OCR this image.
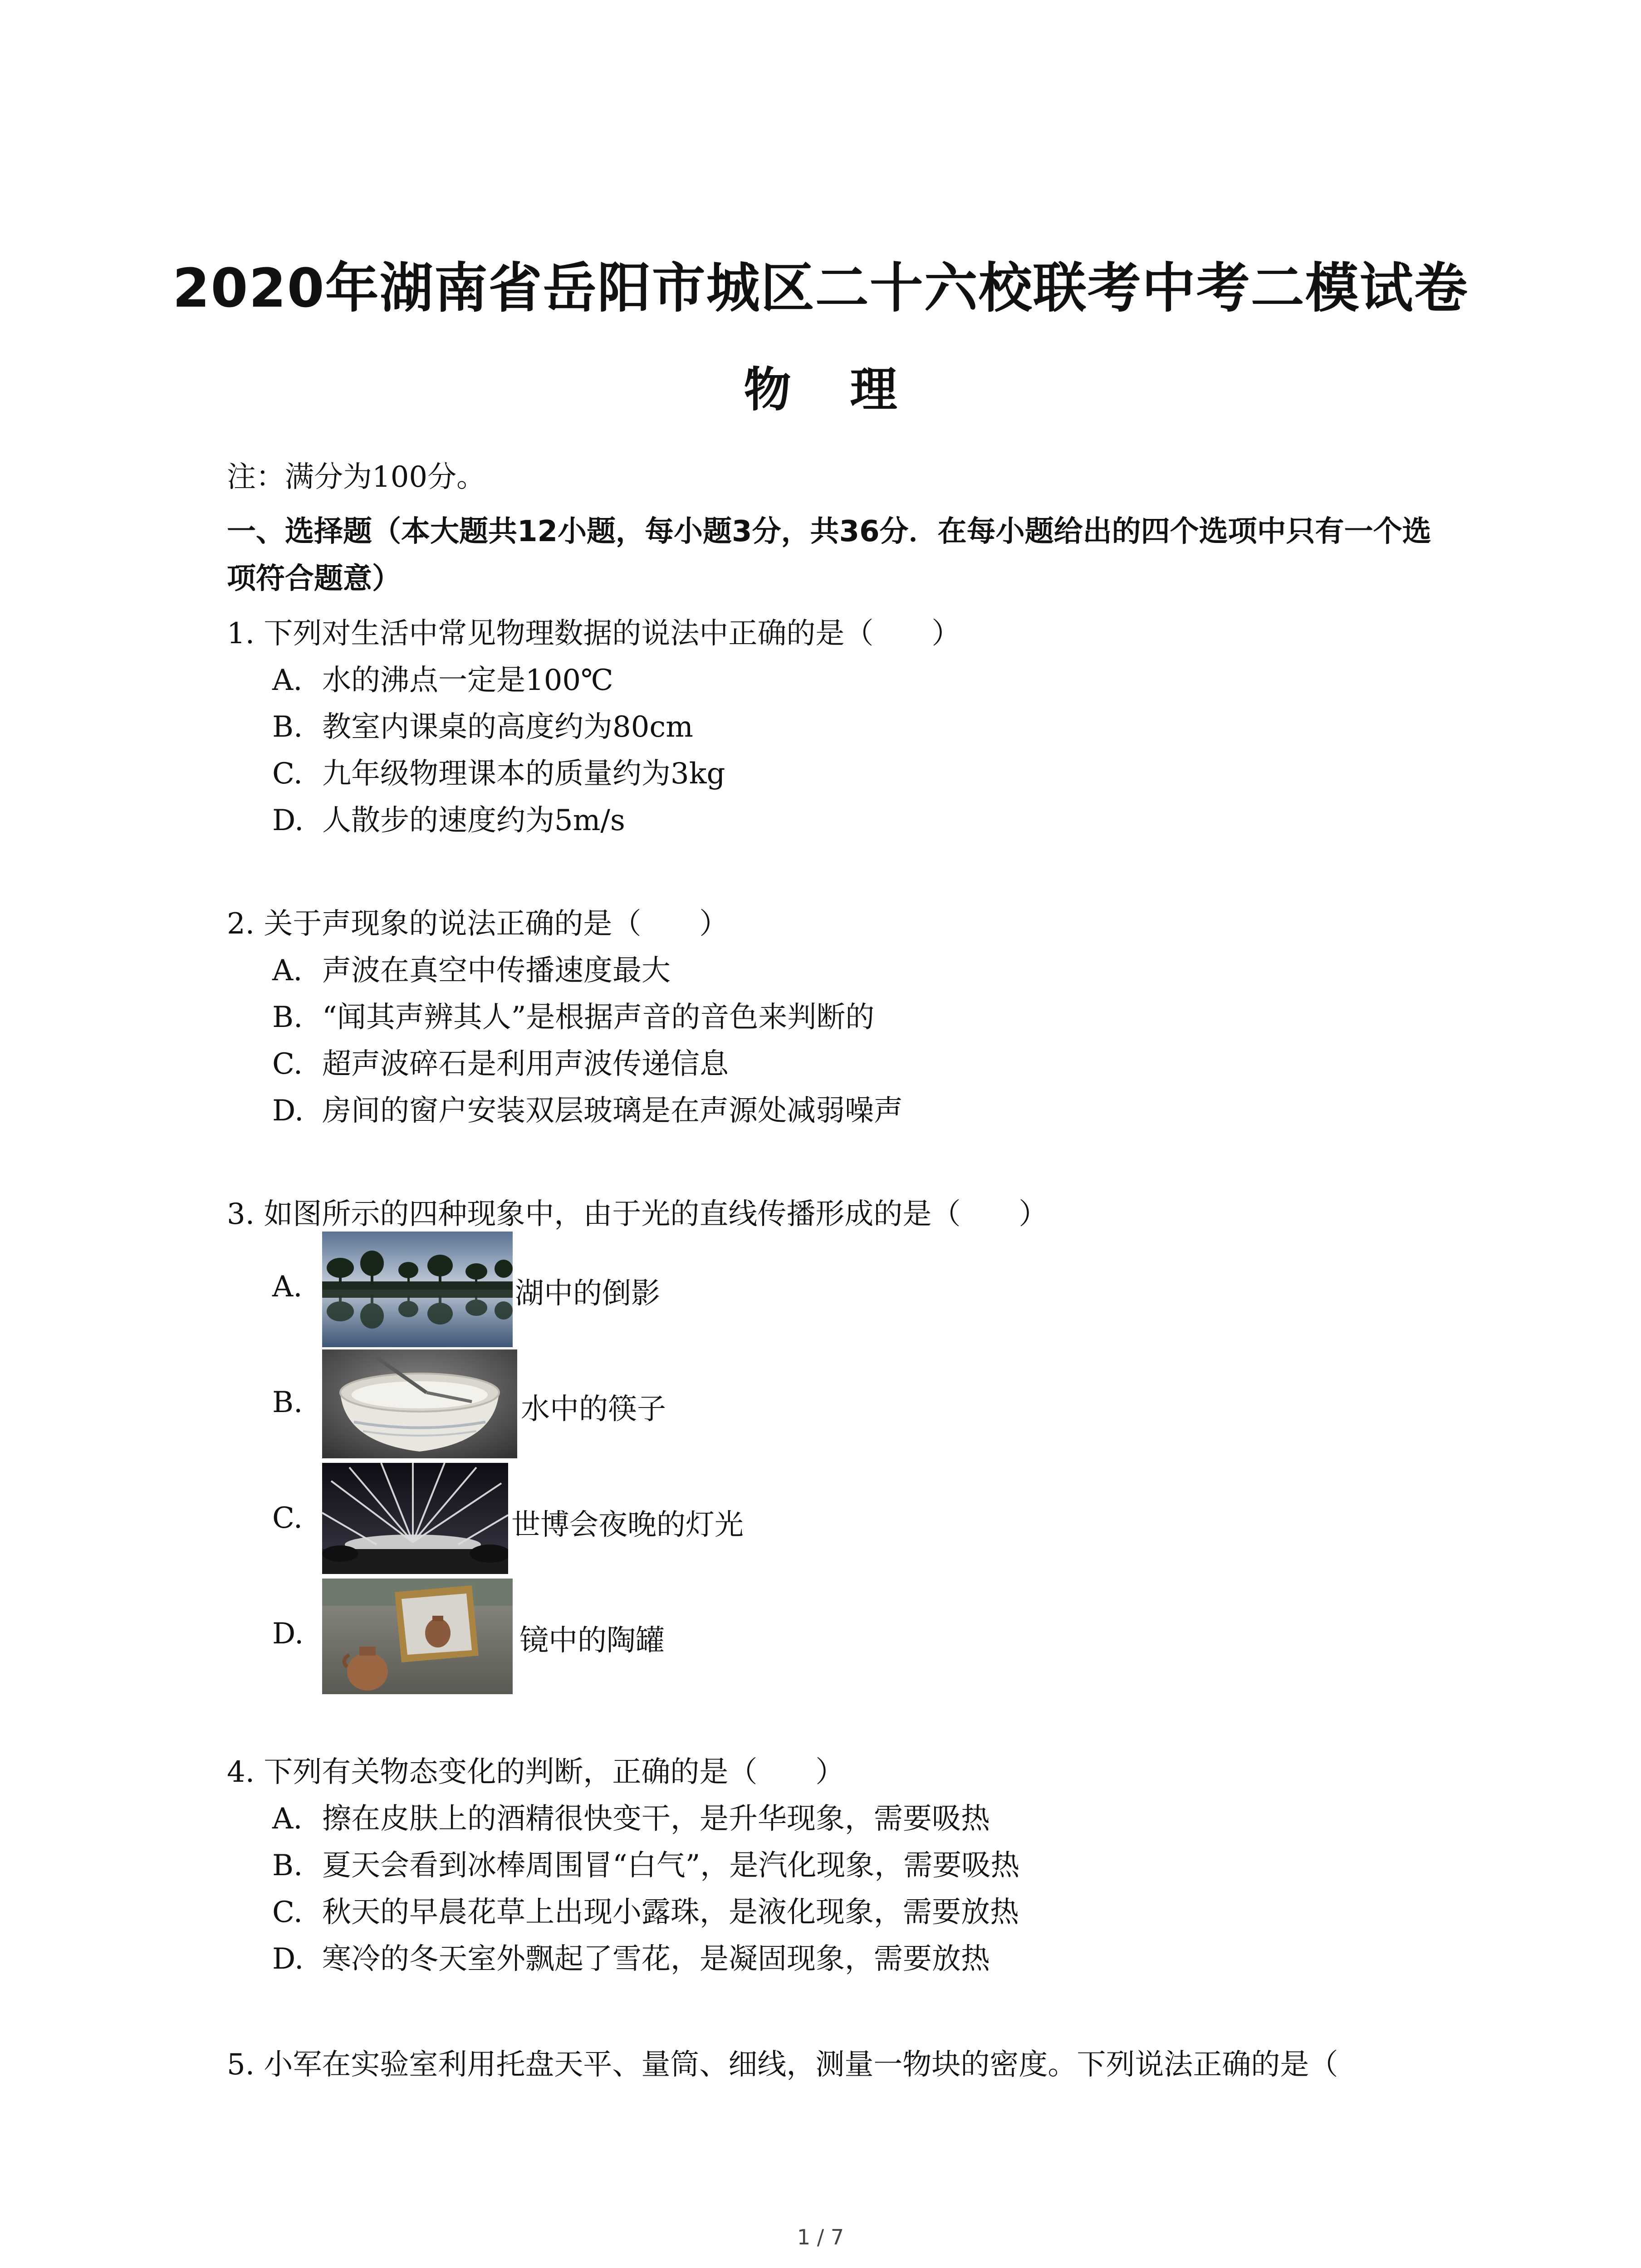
2020年湖南省岳阳市城区二十六校联考中考二模试卷
物理
注：满分为100分。
一、选择题（本大题共12小题，每小题3分，共36分．在每小题给出的四个选项中只有一个选项符合题意）
1. 下列对生活中常见物理数据的说法中正确的是（　　）
A. 水的沸点一定是100℃
B. 教室内课桌的高度约为80cm
C. 九年级物理课本的质量约为3kg
D. 人散步的速度约为5m/s
2. 关于声现象的说法正确的是（　　）
A. 声波在真空中传播速度最大
B. “闻其声辨其人”是根据声音的音色来判断的
C. 超声波碎石是利用声波传递信息
D. 房间的窗户安装双层玻璃是在声源处减弱噪声
3. 如图所示的四种现象中，由于光的直线传播形成的是（　　）
A.	湖中的倒影
B.	水中的筷子
C.	世博会夜晚的灯光
D.	镜中的陶罐
4. 下列有关物态变化的判断，正确的是（　　）
A. 擦在皮肤上的酒精很快变干，是升华现象，需要吸热
B. 夏天会看到冰棒周围冒“白气”，是汽化现象，需要吸热
C. 秋天的早晨花草上出现小露珠，是液化现象，需要放热
D. 寒冷的冬天室外飘起了雪花，是凝固现象，需要放热
5. 小军在实验室利用托盘天平、量筒、细线，测量一物块的密度。下列说法正确的是（
1 / 7
